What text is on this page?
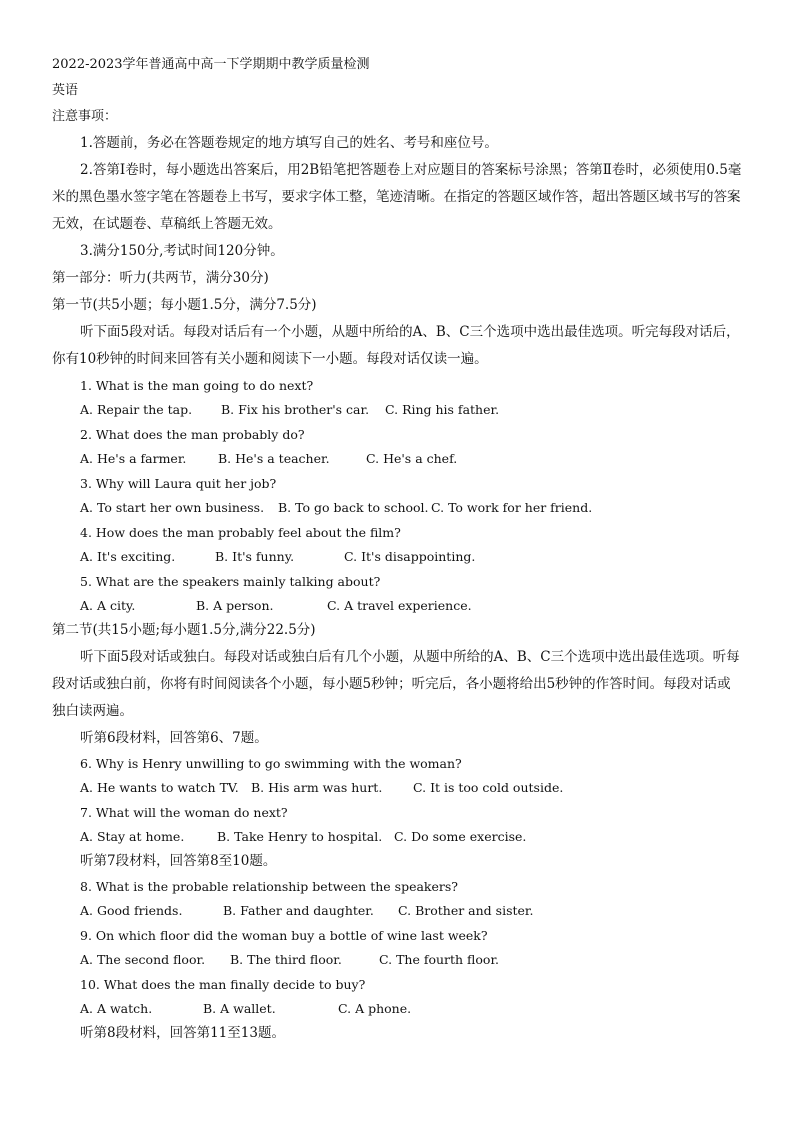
2022-2023学年普通高中高一下学期期中教学质量检测

英语

注意事项：

1.答题前，务必在答题卷规定的地方填写自己的姓名、考号和座位号。

2.答第Ⅰ卷时，每小题选出答案后，用2B铅笔把答题卷上对应题目的答案标号涂黑；答第Ⅱ卷时，必须使用0.5毫米的黑色墨水签字笔在答题卷上书写，要求字体工整，笔迹清晰。在指定的答题区域作答，超出答题区域书写的答案无效，在试题卷、草稿纸上答题无效。

3.满分150分,考试时间120分钟。

第一部分：听力(共两节，满分30分)

第一节(共5小题；每小题1.5分，满分7.5分)

听下面5段对话。每段对话后有一个小题，从题中所给的A、B、C三个选项中选出最佳选项。听完每段对话后，你有10秒钟的时间来回答有关小题和阅读下一小题。每段对话仅读一遍。

1. What is the man going to do next?

A. Repair the tap. B. Fix his brother's car. C. Ring his father.

2. What does the man probably do?

A. He's a farmer.	B. He's a teacher.	C. He's a chef.

3. Why will Laura quit her job?

A. To start her own business. B. To go back to school. C. To work for her friend.

4. How does the man probably feel about the film?

A. It's exciting.	B. It's funny.	C. It's disappointing.

5. What are the speakers mainly talking about?

A. A city.	B. A person.	C. A travel experience.

第二节(共15小题;每小题1.5分,满分22.5分)

听下面5段对话或独白。每段对话或独白后有几个小题，从题中所给的A、B、C三个选项中选出最佳选项。听每段对话或独白前，你将有时间阅读各个小题，每小题5秒钟；听完后，各小题将给出5秒钟的作答时间。每段对话或独白读两遍。

听第6段材料，回答第6、7题。

6. Why is Henry unwilling to go swimming with the woman?

A. He wants to watch TV. B. His arm was hurt. C. It is too cold outside.

7. What will the woman do next?

A. Stay at home.	B. Take Henry to hospital. C. Do some exercise.

听第7段材料，回答第8至10题。

8. What is the probable relationship between the speakers?

A. Good friends.	B. Father and daughter. C. Brother and sister.

9. On which floor did the woman buy a bottle of wine last week?

A. The second floor. B. The third floor.	C. The fourth floor.

10. What does the man finally decide to buy?

A. A watch.	B. A wallet.	C. A phone.

听第8段材料，回答第11至13题。
